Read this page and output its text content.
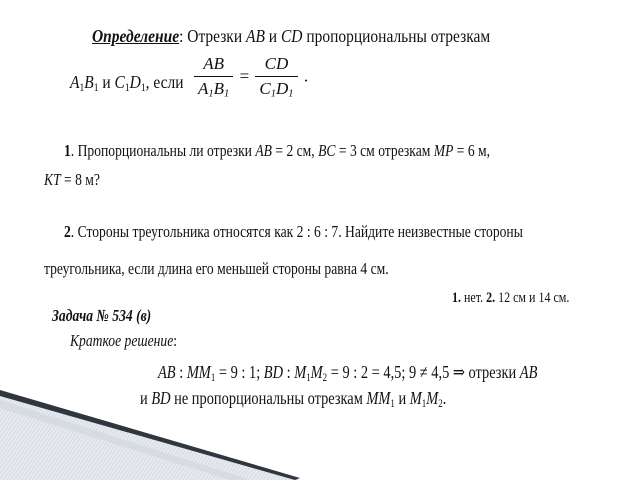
Определение: Отрезки AB и CD пропорциональны отрезкам
$A_1B_1$ и $C_1D_1$, если $\frac{AB}{A_1B_1} = \frac{CD}{C_1D_1}$ .
1. Пропорциональны ли отрезки AB = 2 см, BC = 3 см отрезкам MP = 6 м,
KT = 8 м?
2. Стороны треугольника относятся как 2 : 6 : 7. Найдите неизвестные стороны
треугольника, если длина его меньшей стороны равна 4 см.
1. нет. 2. 12 см и 14 см.
Задача № 534 (в)
Краткое решение:
AB : $MM_1 = 9$ : 1; BD : $M_1M_2 = 9$ : 2 = 4,5; 9 ≠ 4,5 ⇒ отрезки AB
и BD не пропорциональны отрезкам $MM_1$ и $M_1M_2$.
